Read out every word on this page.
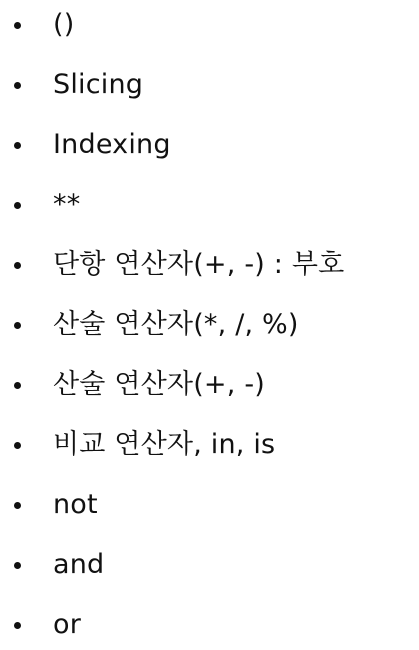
()
Slicing
Indexing
**
단항 연산자(+, -) : 부호
산술 연산자(*, /, %)
산술 연산자(+, -)
비교 연산자, in, is
not
and
or
